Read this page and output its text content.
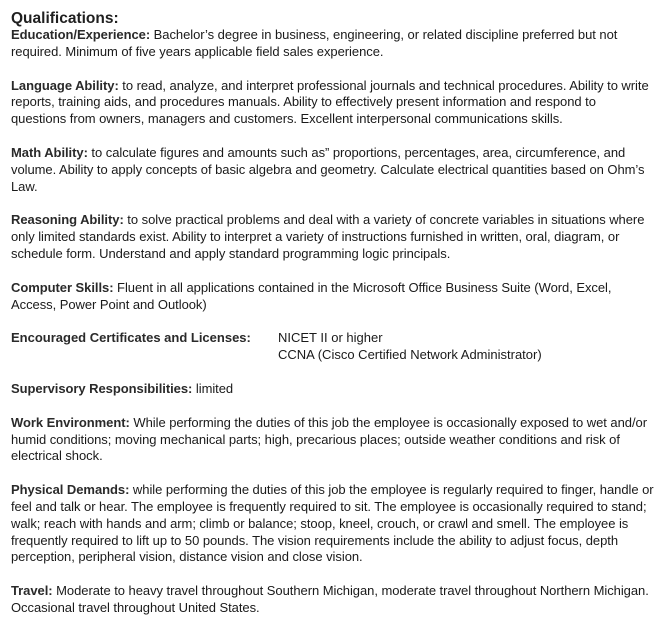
Qualifications:

Education/Experience: Bachelor’s degree in business, engineering, or related discipline preferred but not required. Minimum of five years applicable field sales experience.

Language Ability: to read, analyze, and interpret professional journals and technical procedures. Ability to write reports, training aids, and procedures manuals. Ability to effectively present information and respond to questions from owners, managers and customers. Excellent interpersonal communications skills.

Math Ability: to calculate figures and amounts such as” proportions, percentages, area, circumference, and volume. Ability to apply concepts of basic algebra and geometry. Calculate electrical quantities based on Ohm’s Law.

Reasoning Ability: to solve practical problems and deal with a variety of concrete variables in situations where only limited standards exist. Ability to interpret a variety of instructions furnished in written, oral, diagram, or schedule form. Understand and apply standard programming logic principals.

Computer Skills: Fluent in all applications contained in the Microsoft Office Business Suite (Word, Excel, Access, Power Point and Outlook)

Encouraged Certificates and Licenses:	NICET II or higher
CCNA (Cisco Certified Network Administrator)

Supervisory Responsibilities: limited

Work Environment: While performing the duties of this job the employee is occasionally exposed to wet and/or humid conditions; moving mechanical parts; high, precarious places; outside weather conditions and risk of electrical shock.

Physical Demands: while performing the duties of this job the employee is regularly required to finger, handle or feel and talk or hear. The employee is frequently required to sit. The employee is occasionally required to stand; walk; reach with hands and arm; climb or balance; stoop, kneel, crouch, or crawl and smell. The employee is frequently required to lift up to 50 pounds. The vision requirements include the ability to adjust focus, depth perception, peripheral vision, distance vision and close vision.

Travel: Moderate to heavy travel throughout Southern Michigan, moderate travel throughout Northern Michigan. Occasional travel throughout United States.
